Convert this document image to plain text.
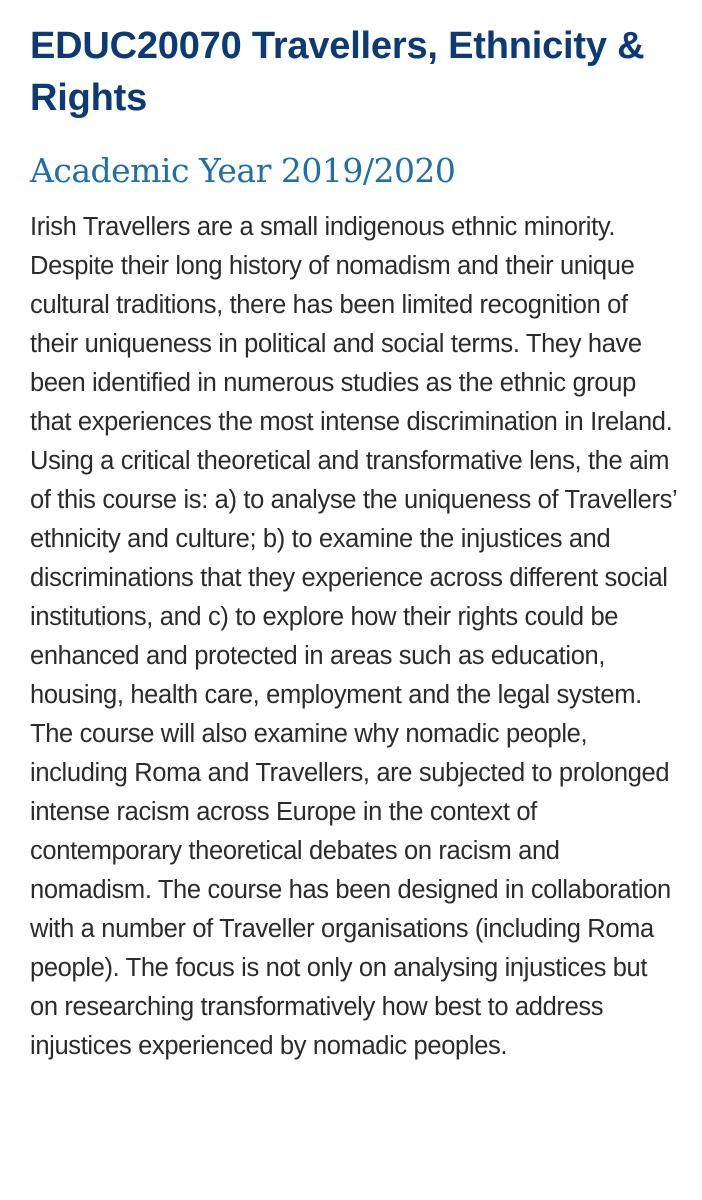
EDUC20070 Travellers, Ethnicity & Rights
Academic Year 2019/2020

Irish Travellers are a small indigenous ethnic minority. Despite their long history of nomadism and their unique cultural traditions, there has been limited recognition of their uniqueness in political and social terms. They have been identified in numerous studies as the ethnic group that experiences the most intense discrimination in Ireland. Using a critical theoretical and transformative lens, the aim of this course is: a) to analyse the uniqueness of Travellers’ ethnicity and culture; b) to examine the injustices and discriminations that they experience across different social institutions, and c) to explore how their rights could be enhanced and protected in areas such as education, housing, health care, employment and the legal system. The course will also examine why nomadic people, including Roma and Travellers, are subjected to prolonged intense racism across Europe in the context of contemporary theoretical debates on racism and nomadism. The course has been designed in collaboration with a number of Traveller organisations (including Roma people). The focus is not only on analysing injustices but on researching transformatively how best to address injustices experienced by nomadic peoples.
